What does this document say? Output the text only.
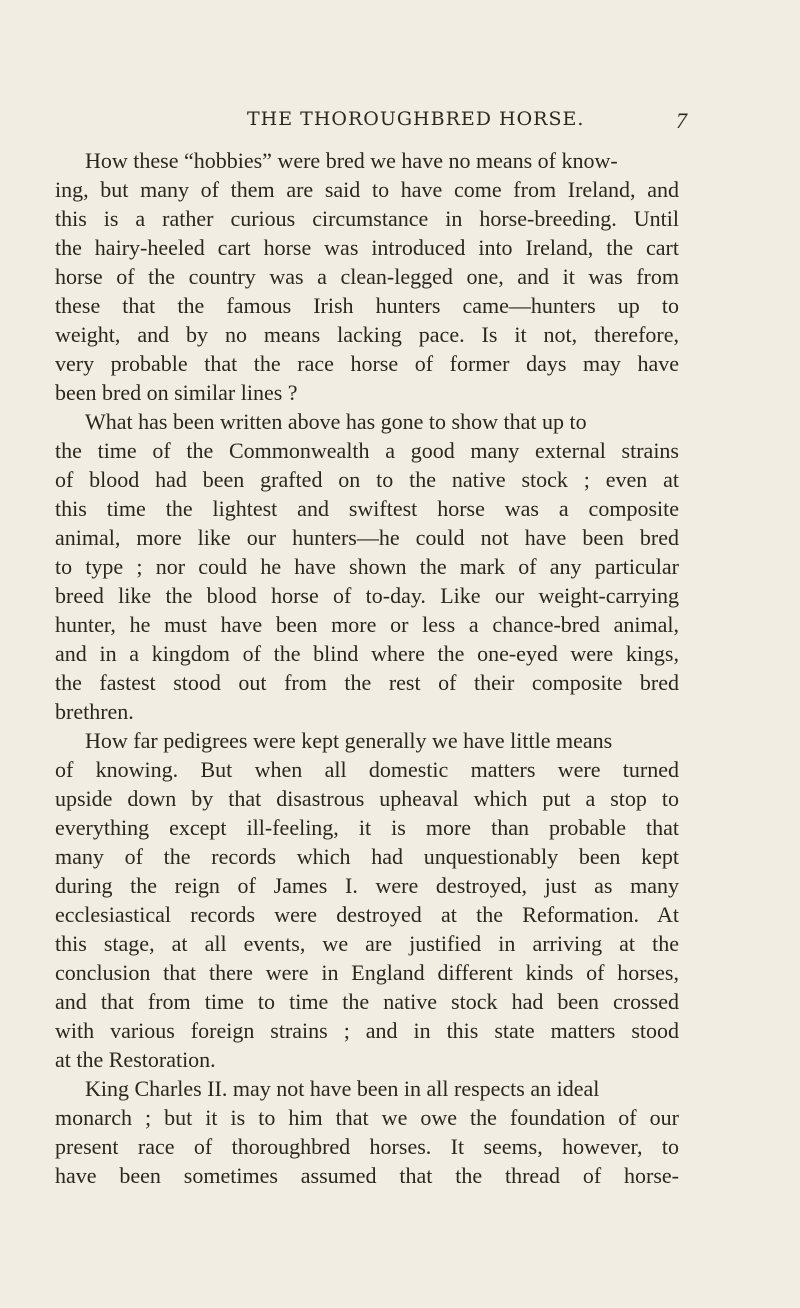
THE THOROUGHBRED HORSE.	7
How these “hobbies” were bred we have no means of know-
ing, but many of them are said to have come from Ireland, and
this is a rather curious circumstance in horse-breeding. Until
the hairy-heeled cart horse was introduced into Ireland, the cart
horse of the country was a clean-legged one, and it was from
these that the famous Irish hunters came—hunters up to
weight, and by no means lacking pace. Is it not, therefore,
very probable that the race horse of former days may have
been bred on similar lines ?
What has been written above has gone to show that up to
the time of the Commonwealth a good many external strains
of blood had been grafted on to the native stock ; even at
this time the lightest and swiftest horse was a composite
animal, more like our hunters—he could not have been bred
to type ; nor could he have shown the mark of any particular
breed like the blood horse of to-day. Like our weight-carrying
hunter, he must have been more or less a chance-bred animal,
and in a kingdom of the blind where the one-eyed were kings,
the fastest stood out from the rest of their composite bred
brethren.
How far pedigrees were kept generally we have little means
of knowing. But when all domestic matters were turned
upside down by that disastrous upheaval which put a stop to
everything except ill-feeling, it is more than probable that
many of the records which had unquestionably been kept
during the reign of James I. were destroyed, just as many
ecclesiastical records were destroyed at the Reformation. At
this stage, at all events, we are justified in arriving at the
conclusion that there were in England different kinds of horses,
and that from time to time the native stock had been crossed
with various foreign strains ; and in this state matters stood
at the Restoration.
King Charles II. may not have been in all respects an ideal
monarch ; but it is to him that we owe the foundation of our
present race of thoroughbred horses. It seems, however, to
have been sometimes assumed that the thread of horse-
